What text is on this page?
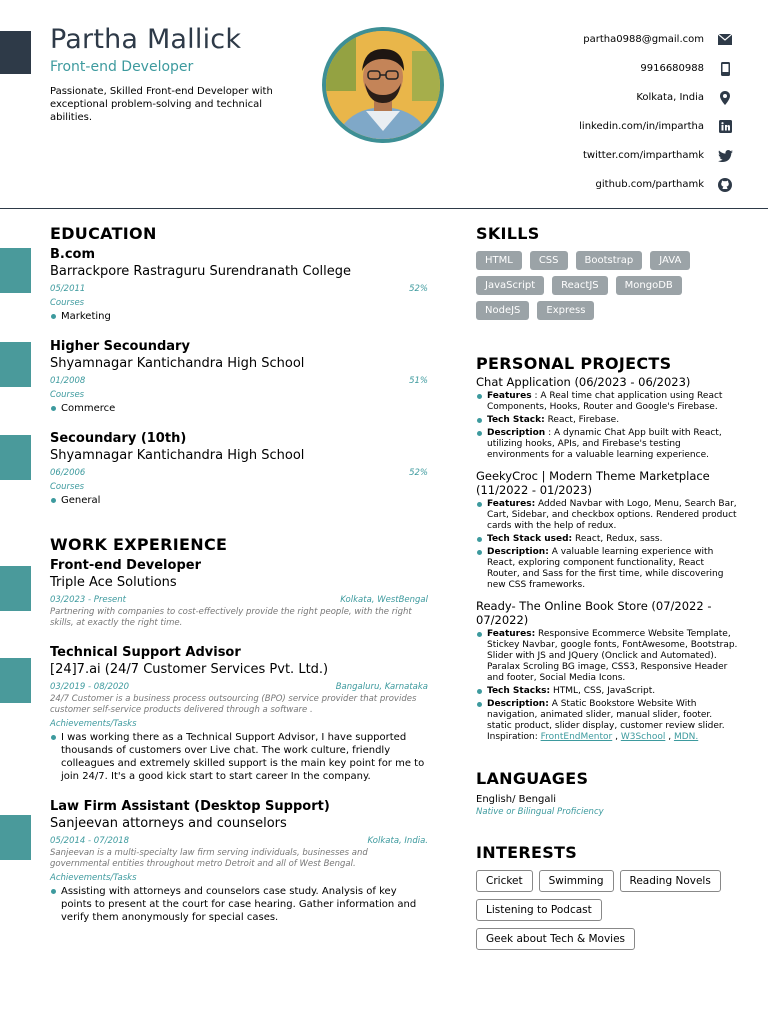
Partha Mallick
Front-end Developer
Passionate, Skilled Front-end Developer with exceptional problem-solving and technical abilities.
partha0988@gmail.com
9916680988
Kolkata, India
linkedin.com/in/impartha
twitter.com/imparthamk
github.com/parthamk
EDUCATION
B.com
Barrackpore Rastraguru Surendranath College
05/2011	52%
Courses
Marketing
Higher Secoundary
Shyamnagar Kantichandra High School
01/2008	51%
Courses
Commerce
Secoundary (10th)
Shyamnagar Kantichandra High School
06/2006	52%
Courses
General
WORK EXPERIENCE
Front-end Developer
Triple Ace Solutions
03/2023 - Present	Kolkata, WestBengal
Partnering with companies to cost-effectively provide the right people, with the right skills, at exactly the right time.
Technical Support Advisor
[24]7.ai (24/7 Customer Services Pvt. Ltd.)
03/2019 - 08/2020	Bangaluru, Karnataka
24/7 Customer is a business process outsourcing (BPO) service provider that provides customer self-service products delivered through a software .
Achievements/Tasks
I was working there as a Technical Support Advisor, I have supported thousands of customers over Live chat. The work culture, friendly colleagues and extremely skilled support is the main key point for me to join 24/7. It's a good kick start to start career In the company.
Law Firm Assistant (Desktop Support)
Sanjeevan attorneys and counselors
05/2014 - 07/2018	Kolkata, India.
Sanjeevan is a multi-specialty law firm serving individuals, businesses and governmental entities throughout metro Detroit and all of West Bengal.
Achievements/Tasks
Assisting with attorneys and counselors case study. Analysis of key points to present at the court for case hearing. Gather information and verify them anonymously for special cases.
SKILLS
HTML	CSS	Bootstrap	JAVA
JavaScript	ReactJS	MongoDB
NodeJS	Express
PERSONAL PROJECTS
Chat Application (06/2023 - 06/2023)
Features : A Real time chat application using React Components, Hooks, Router and Google's Firebase.
Tech Stack: React, Firebase.
Description : A dynamic Chat App built with React, utilizing hooks, APIs, and Firebase's testing environments for a valuable learning experience.
GeekyCroc | Modern Theme Marketplace (11/2022 - 01/2023)
Features: Added Navbar with Logo, Menu, Search Bar, Cart, Sidebar, and checkbox options. Rendered product cards with the help of redux.
Tech Stack used: React, Redux, sass.
Description: A valuable learning experience with React, exploring component functionality, React Router, and Sass for the first time, while discovering new CSS frameworks.
Ready- The Online Book Store (07/2022 - 07/2022)
Features: Responsive Ecommerce Website Template, Stickey Navbar, google fonts, FontAwesome, Bootstrap. Slider with JS and JQuery (Onclick and Automated). Paralax Scroling BG image, CSS3, Responsive Header and footer, Social Media Icons.
Tech Stacks: HTML, CSS, JavaScript.
Description: A Static Bookstore Website With navigation, animated slider, manual slider, footer. static product, slider display, customer review slider.
Inspiration: FrontEndMentor , W3School , MDN.
LANGUAGES
English/ Bengali
Native or Bilingual Proficiency
INTERESTS
Cricket	Swimming	Reading Novels
Listening to Podcast
Geek about Tech & Movies
